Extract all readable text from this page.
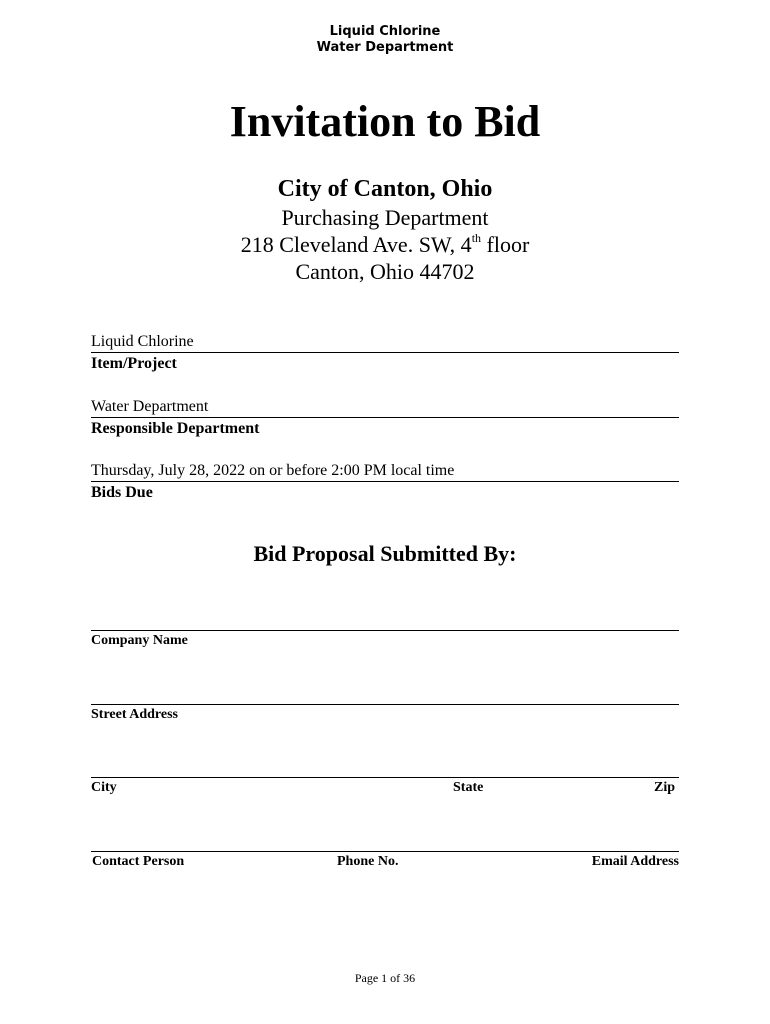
Liquid Chlorine
Water Department
Invitation to Bid
City of Canton, Ohio
Purchasing Department
218 Cleveland Ave. SW, 4th floor
Canton, Ohio 44702
Liquid Chlorine
Item/Project
Water Department
Responsible Department
Thursday, July 28, 2022 on or before 2:00 PM local time
Bids Due
Bid Proposal Submitted By:
Company Name
Street Address
City	State	Zip
Contact Person	Phone No.	Email Address
Page 1 of 36
